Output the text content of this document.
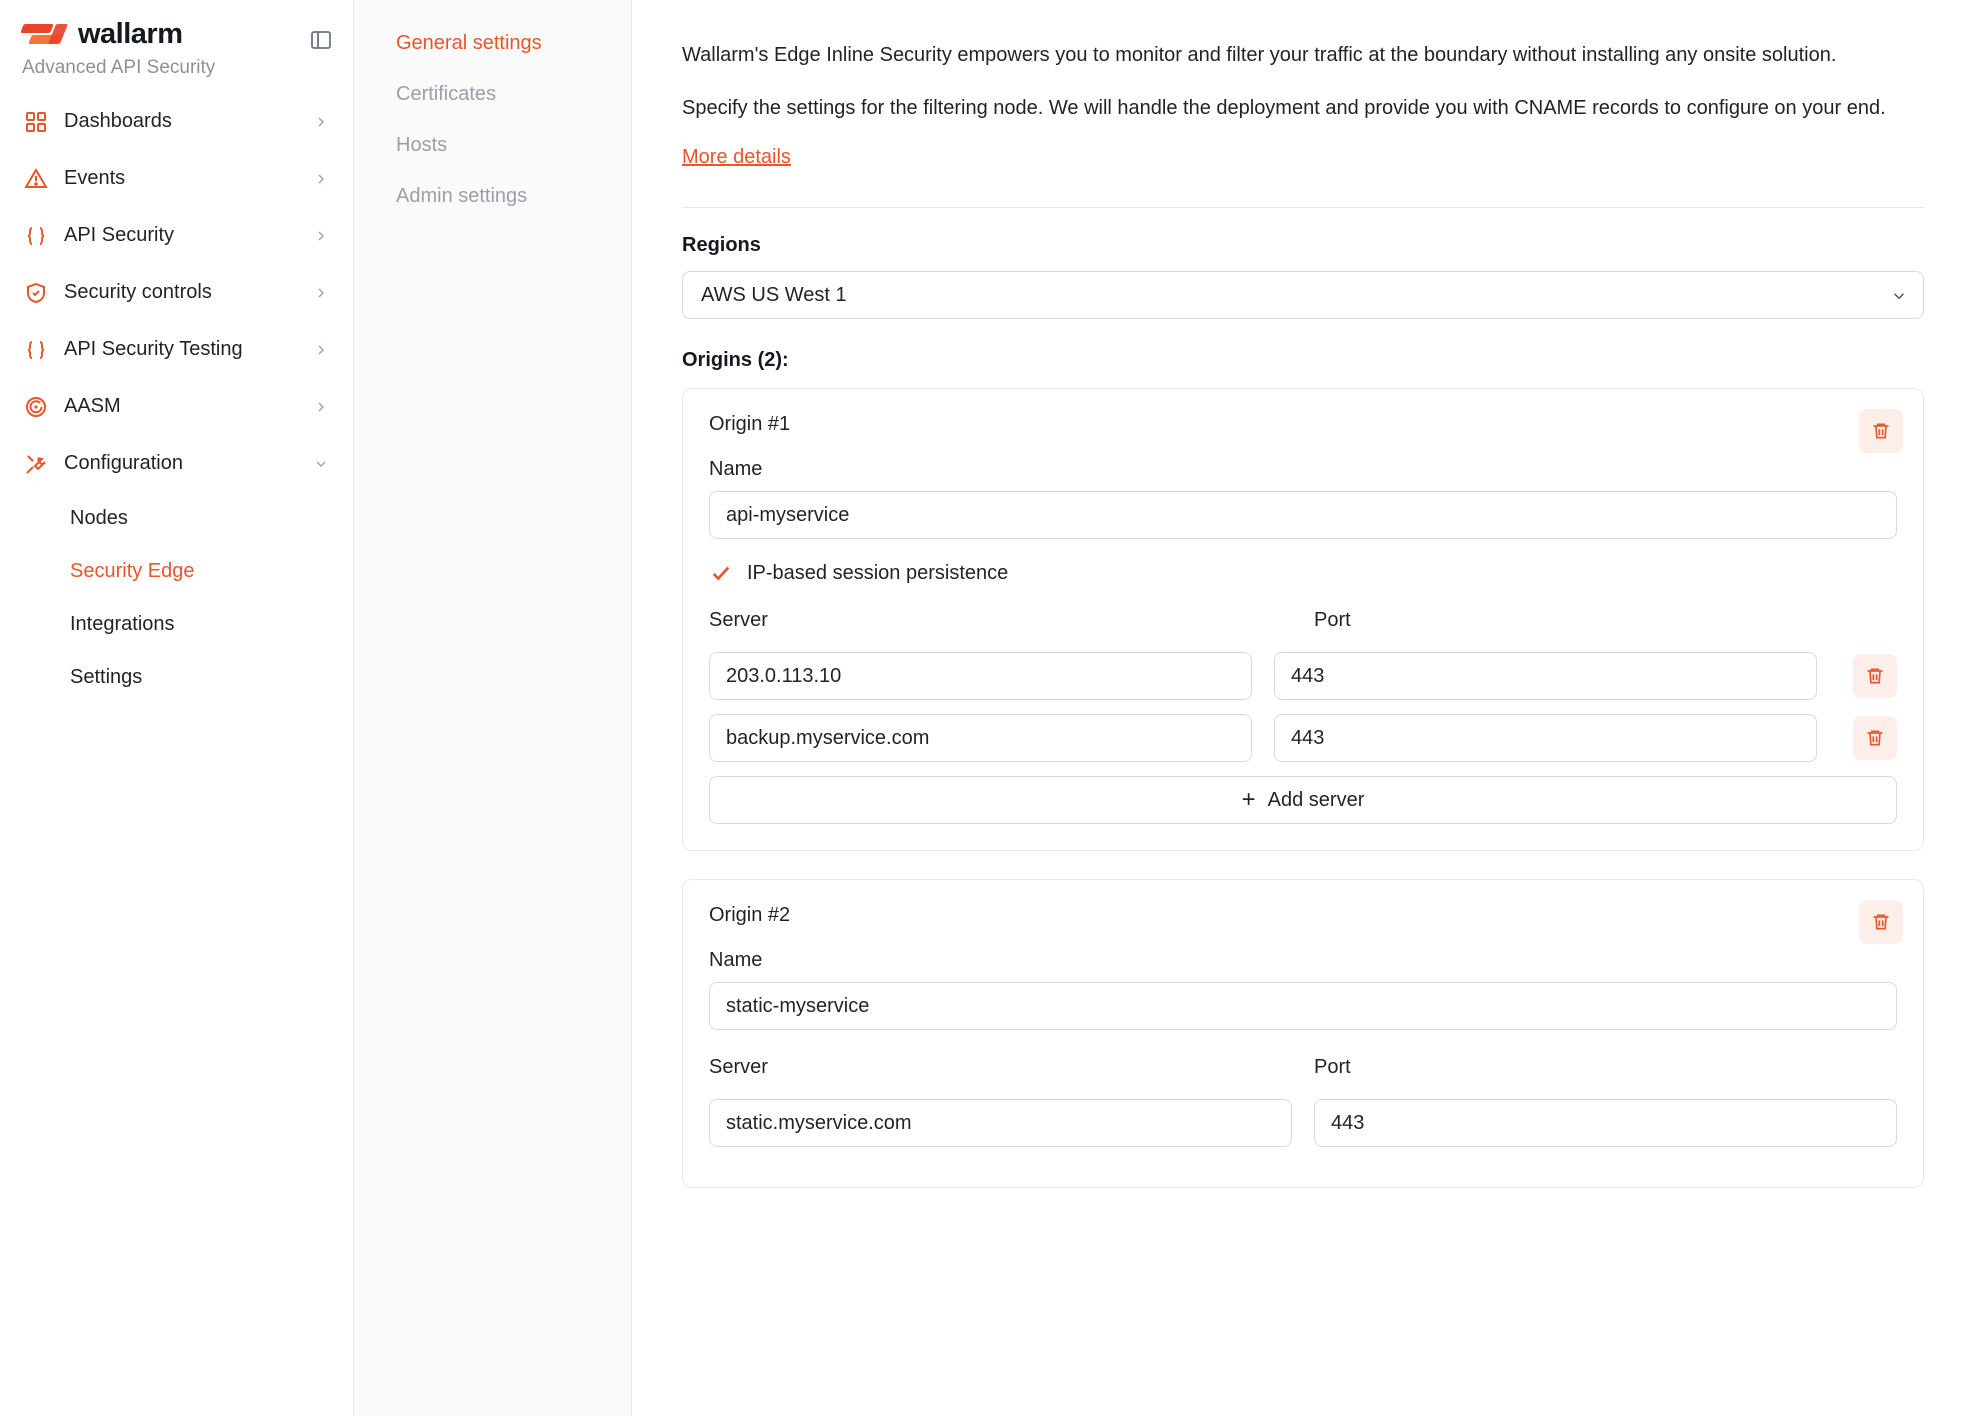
wallarm
Advanced API Security
Dashboards
Events
API Security
Security controls
API Security Testing
AASM
Configuration
Nodes
Security Edge
Integrations
Settings
General settings
Certificates
Hosts
Admin settings

Wallarm's Edge Inline Security empowers you to monitor and filter your traffic at the boundary without installing any onsite solution.

Specify the settings for the filtering node. We will handle the deployment and provide you with CNAME records to configure on your end.

More details
Regions
AWS US West 1
Origins (2):
Origin #1
Name
api-myservice
IP-based session persistence
Server	Port
203.0.113.10
443
backup.myservice.com
443
+ Add server
Origin #2
Name
static-myservice
Server	Port
static.myservice.com
443
